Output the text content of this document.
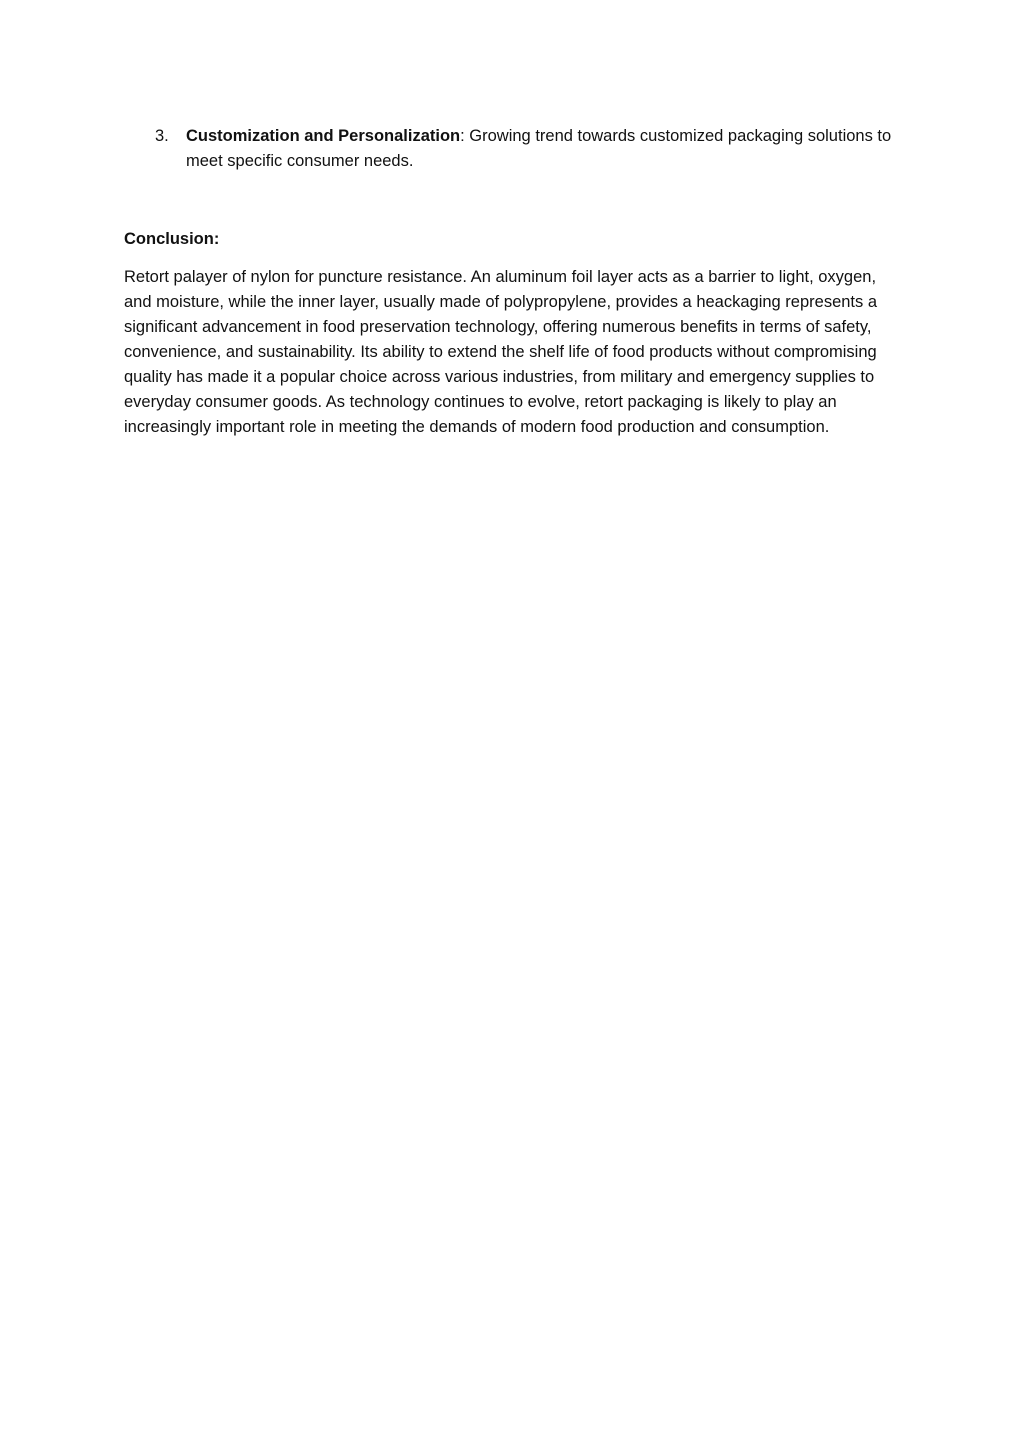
3. Customization and Personalization: Growing trend towards customized packaging solutions to meet specific consumer needs.
Conclusion:
Retort palayer of nylon for puncture resistance. An aluminum foil layer acts as a barrier to light, oxygen, and moisture, while the inner layer, usually made of polypropylene, provides a heackaging represents a significant advancement in food preservation technology, offering numerous benefits in terms of safety, convenience, and sustainability. Its ability to extend the shelf life of food products without compromising quality has made it a popular choice across various industries, from military and emergency supplies to everyday consumer goods. As technology continues to evolve, retort packaging is likely to play an increasingly important role in meeting the demands of modern food production and consumption.
